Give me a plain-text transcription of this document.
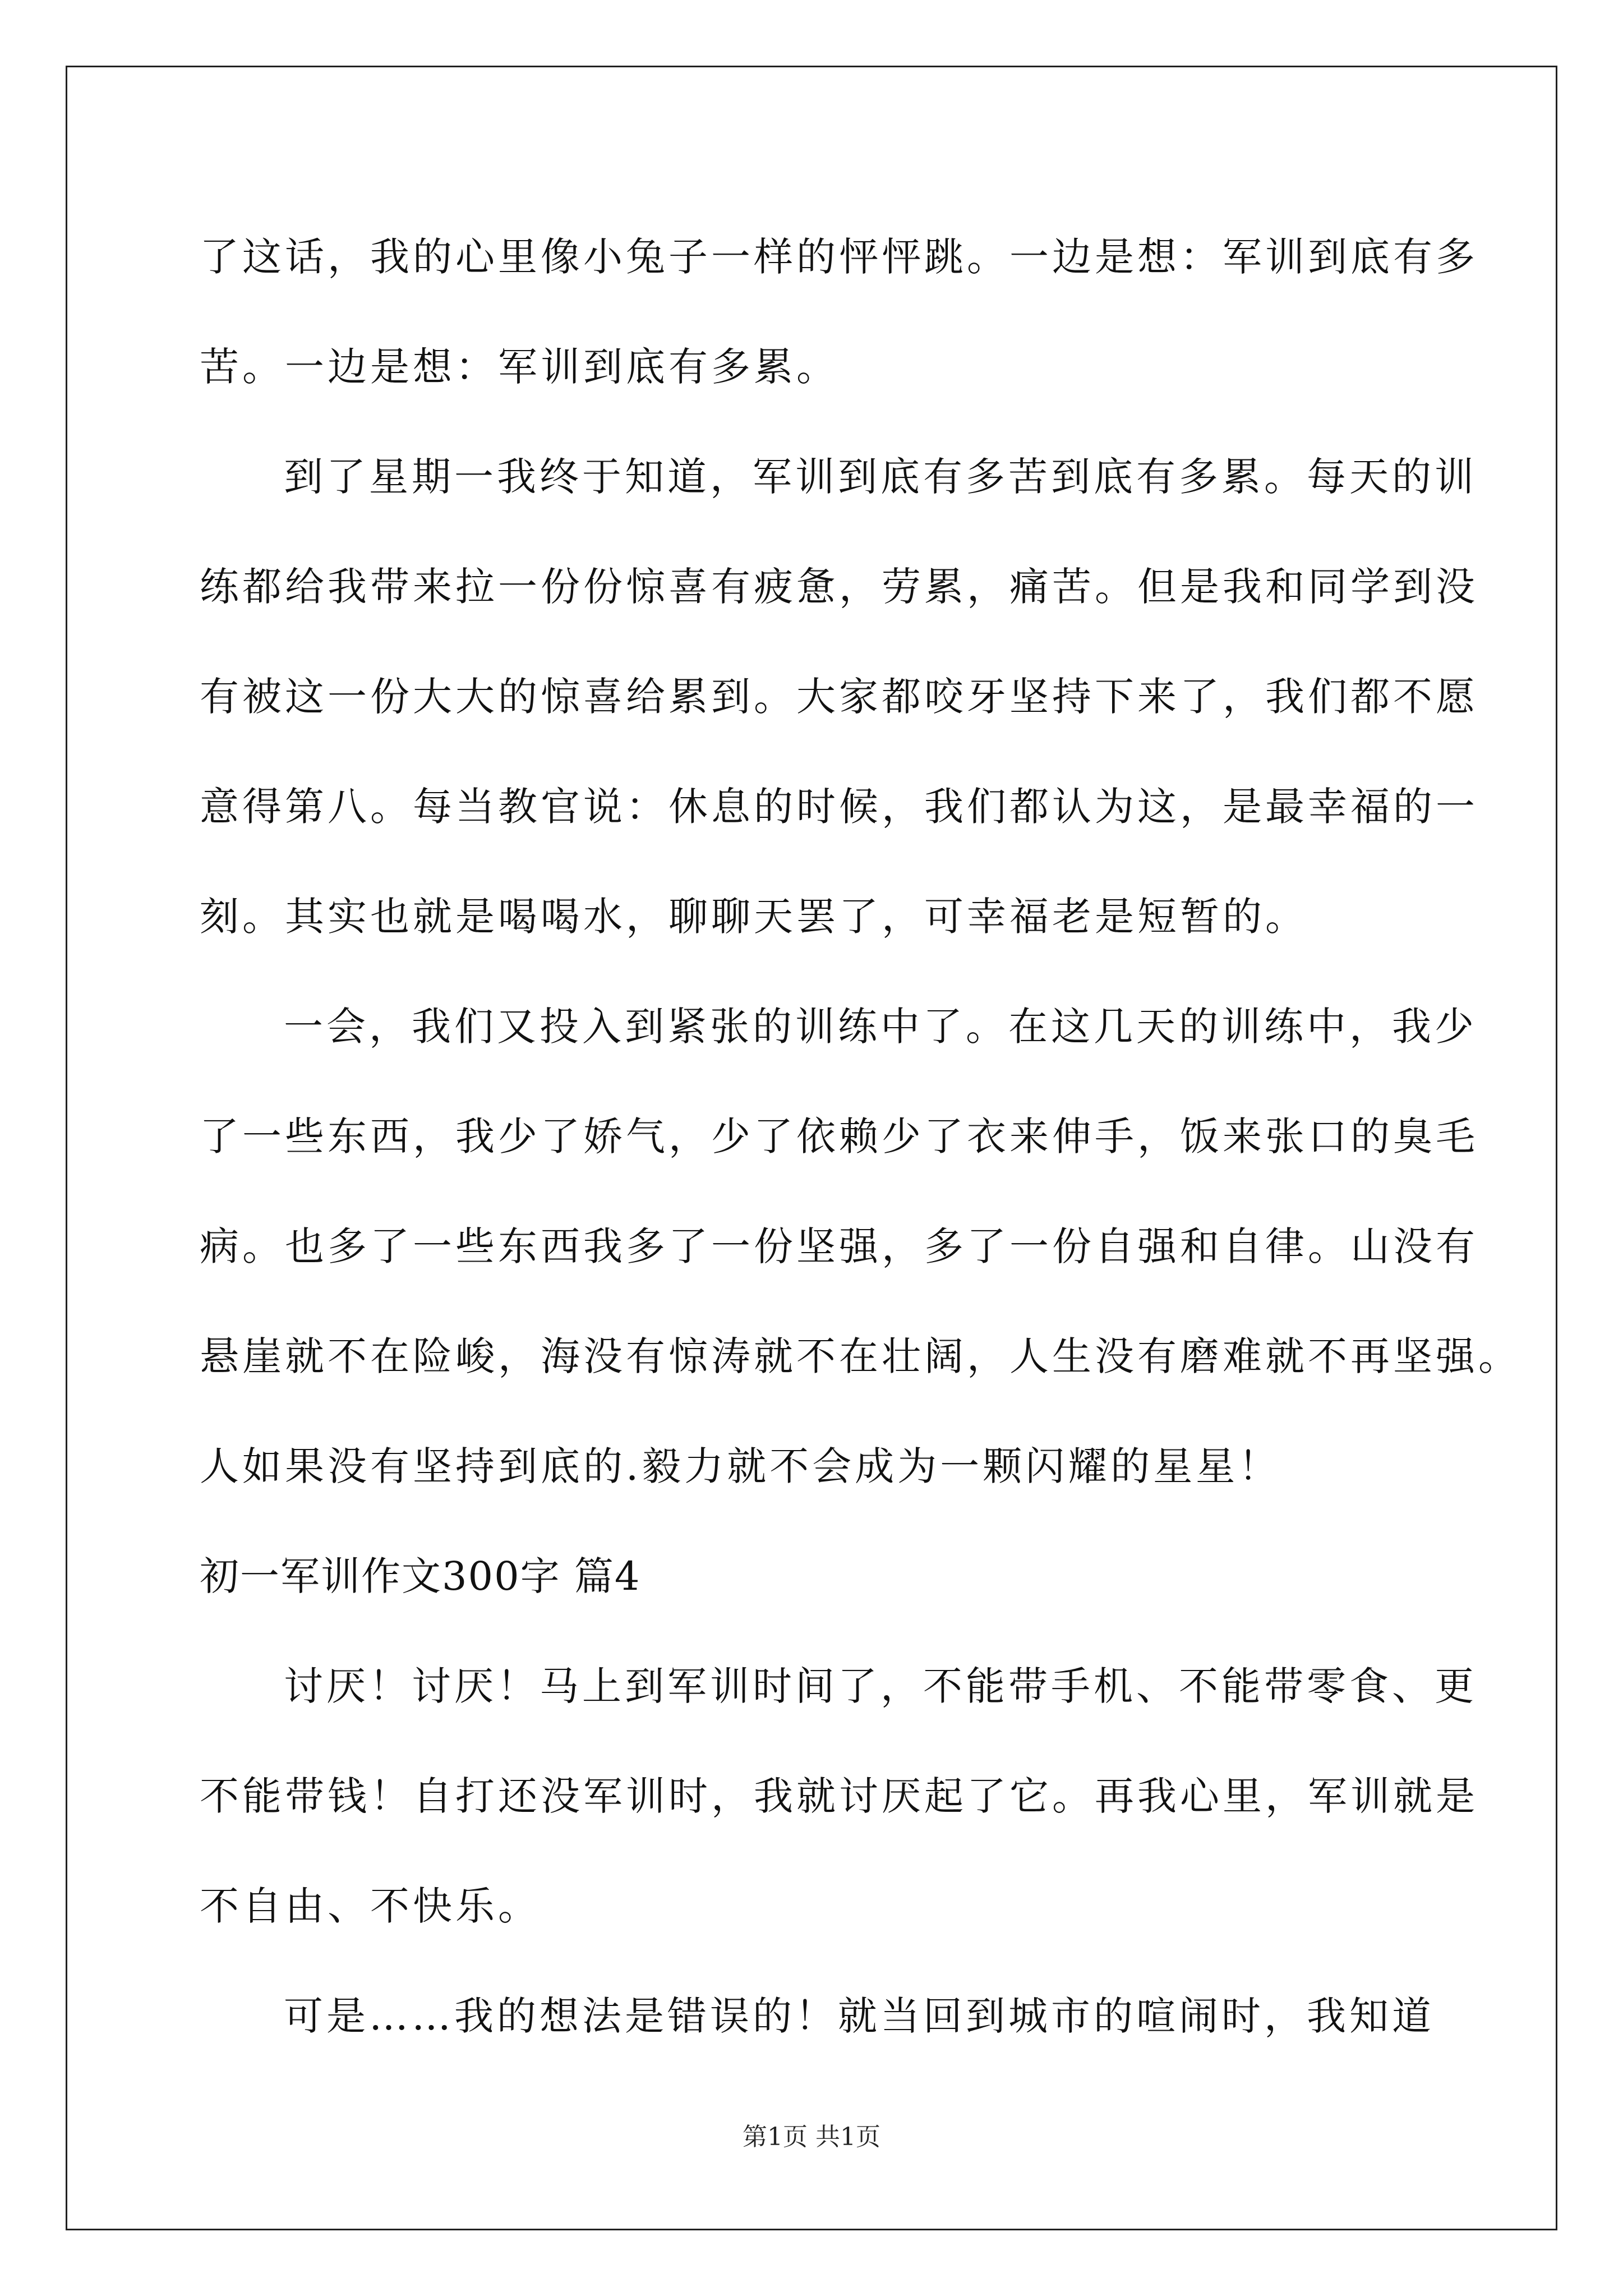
了这话，我的心里像小兔子一样的怦怦跳。一边是想：军训到底有多
苦。一边是想：军训到底有多累。
到了星期一我终于知道，军训到底有多苦到底有多累。每天的训
练都给我带来拉一份份惊喜有疲惫，劳累，痛苦。但是我和同学到没
有被这一份大大的惊喜给累到。大家都咬牙坚持下来了，我们都不愿
意得第八。每当教官说：休息的时候，我们都认为这，是最幸福的一
刻。其实也就是喝喝水，聊聊天罢了，可幸福老是短暂的。
一会，我们又投入到紧张的训练中了。在这几天的训练中，我少
了一些东西，我少了娇气，少了依赖少了衣来伸手，饭来张口的臭毛
病。也多了一些东西我多了一份坚强，多了一份自强和自律。山没有
悬崖就不在险峻，海没有惊涛就不在壮阔，人生没有磨难就不再坚强。
人如果没有坚持到底的.毅力就不会成为一颗闪耀的星星！
初一军训作文300字 篇4
讨厌！讨厌！马上到军训时间了，不能带手机、不能带零食、更
不能带钱！自打还没军训时，我就讨厌起了它。再我心里，军训就是
不自由、不快乐。
可是……我的想法是错误的！就当回到城市的喧闹时，我知道
第1页 共1页
